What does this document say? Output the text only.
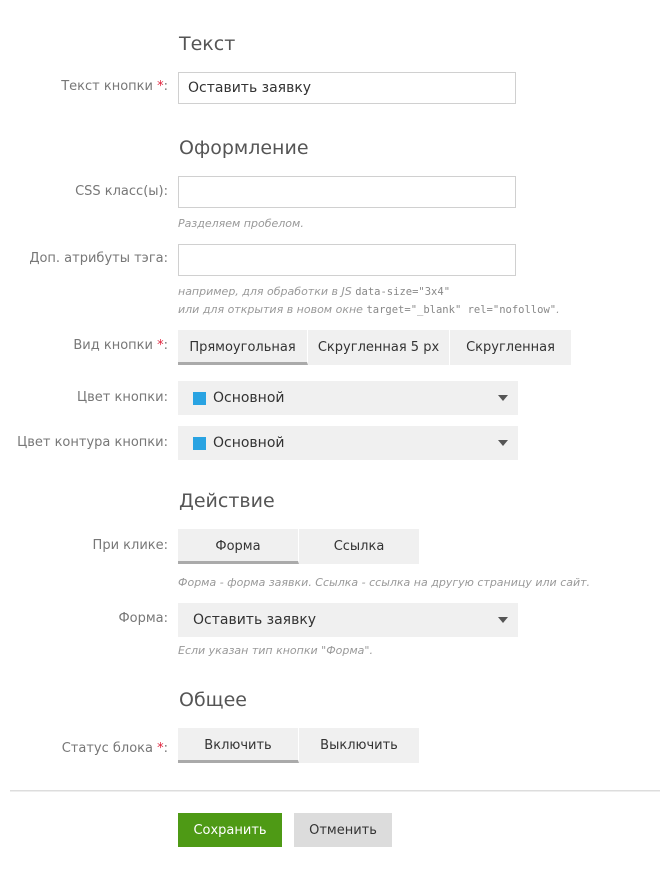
Текст
Текст кнопки *:	Оставить заявку
Оформление
CSS класс(ы):
Разделяем пробелом.
Доп. атрибуты тэга:
например, для обработки в JS data-size="3x4"
или для открытия в новом окне target="_blank" rel="nofollow".
Вид кнопки *:	Прямоугольная	Скругленная 5 px	Скругленная
Цвет кнопки:	Основной
Цвет контура кнопки:	Основной
Действие
При клике:	Форма	Ссылка
Форма - форма заявки. Ссылка - ссылка на другую страницу или сайт.
Форма: Оставить заявку
Если указан тип кнопки "Форма".
Общее
Статус блока *:	Включить	Выключить
Сохранить	Отменить
